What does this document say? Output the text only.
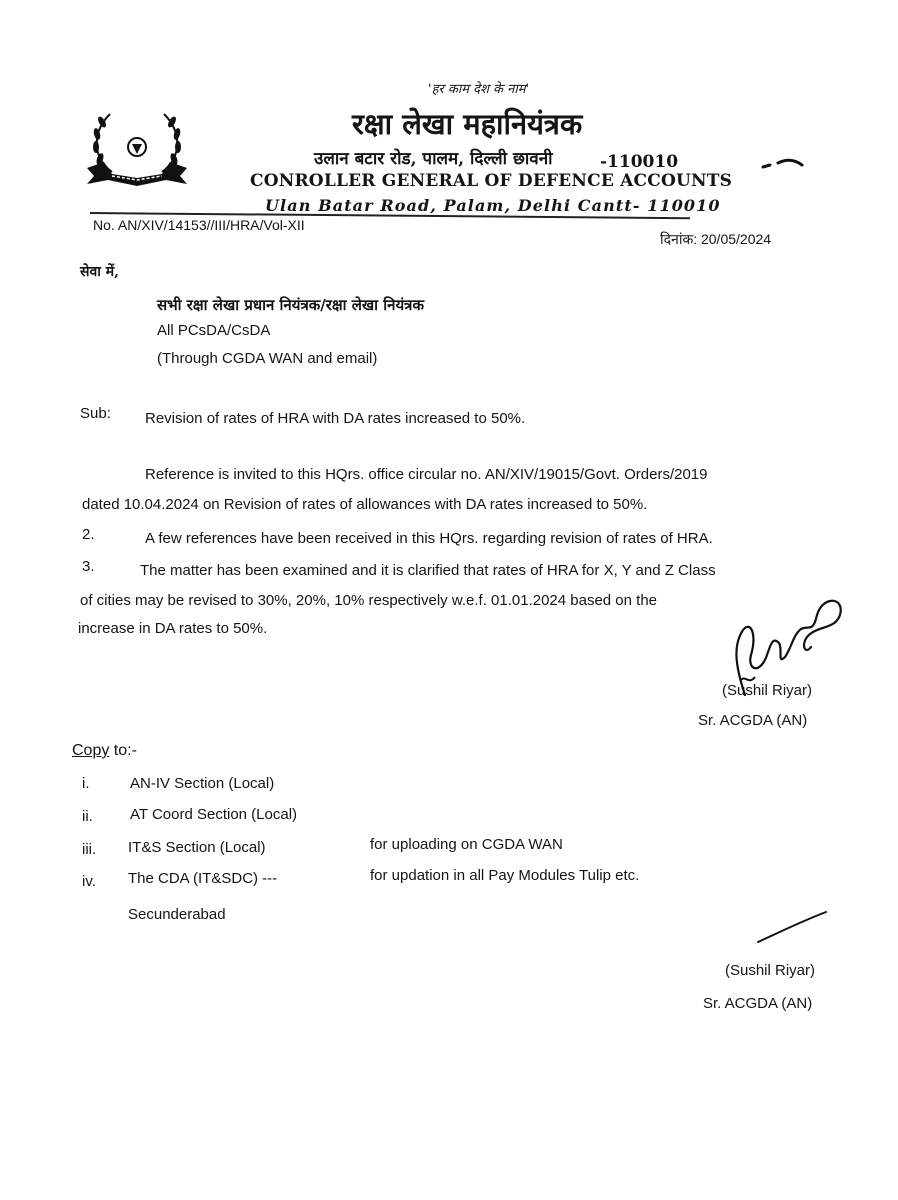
'हर काम देश के नाम'
रक्षा लेखा महानियंत्रक
उलान बटार रोड, पालम, दिल्ली छावनी	-110010
CONROLLER GENERAL OF DEFENCE ACCOUNTS
Ulan Batar Road, Palam, Delhi Cantt- 110010
No. AN/XIV/14153//III/HRA/Vol-XII
दिनांक: 20/05/2024
सेवा में,
सभी रक्षा लेखा प्रधान नियंत्रक/रक्षा लेखा नियंत्रक
All PCsDA/CsDA
(Through CGDA WAN and email)
Sub: Revision of rates of HRA with DA rates increased to 50%.
Reference is invited to this HQrs. office circular no. AN/XIV/19015/Govt. Orders/2019
dated 10.04.2024 on Revision of rates of allowances with DA rates increased to 50%.
2.	A few references have been received in this HQrs. regarding revision of rates of HRA.
3.	The matter has been examined and it is clarified that rates of HRA for X, Y and Z Class
of cities may be revised to 30%, 20%, 10% respectively w.e.f. 01.01.2024 based on the
increase in DA rates to 50%.
(Sushil Riyar)
Sr. ACGDA (AN)
Copy to:-
i.	AN-IV Section (Local)
ii. AT Coord Section (Local)
iii. IT&S Section (Local)	for uploading on CGDA WAN
iv. The CDA (IT&SDC) ---	for updation in all Pay Modules Tulip etc.
Secunderabad
(Sushil Riyar)
Sr. ACGDA (AN)
